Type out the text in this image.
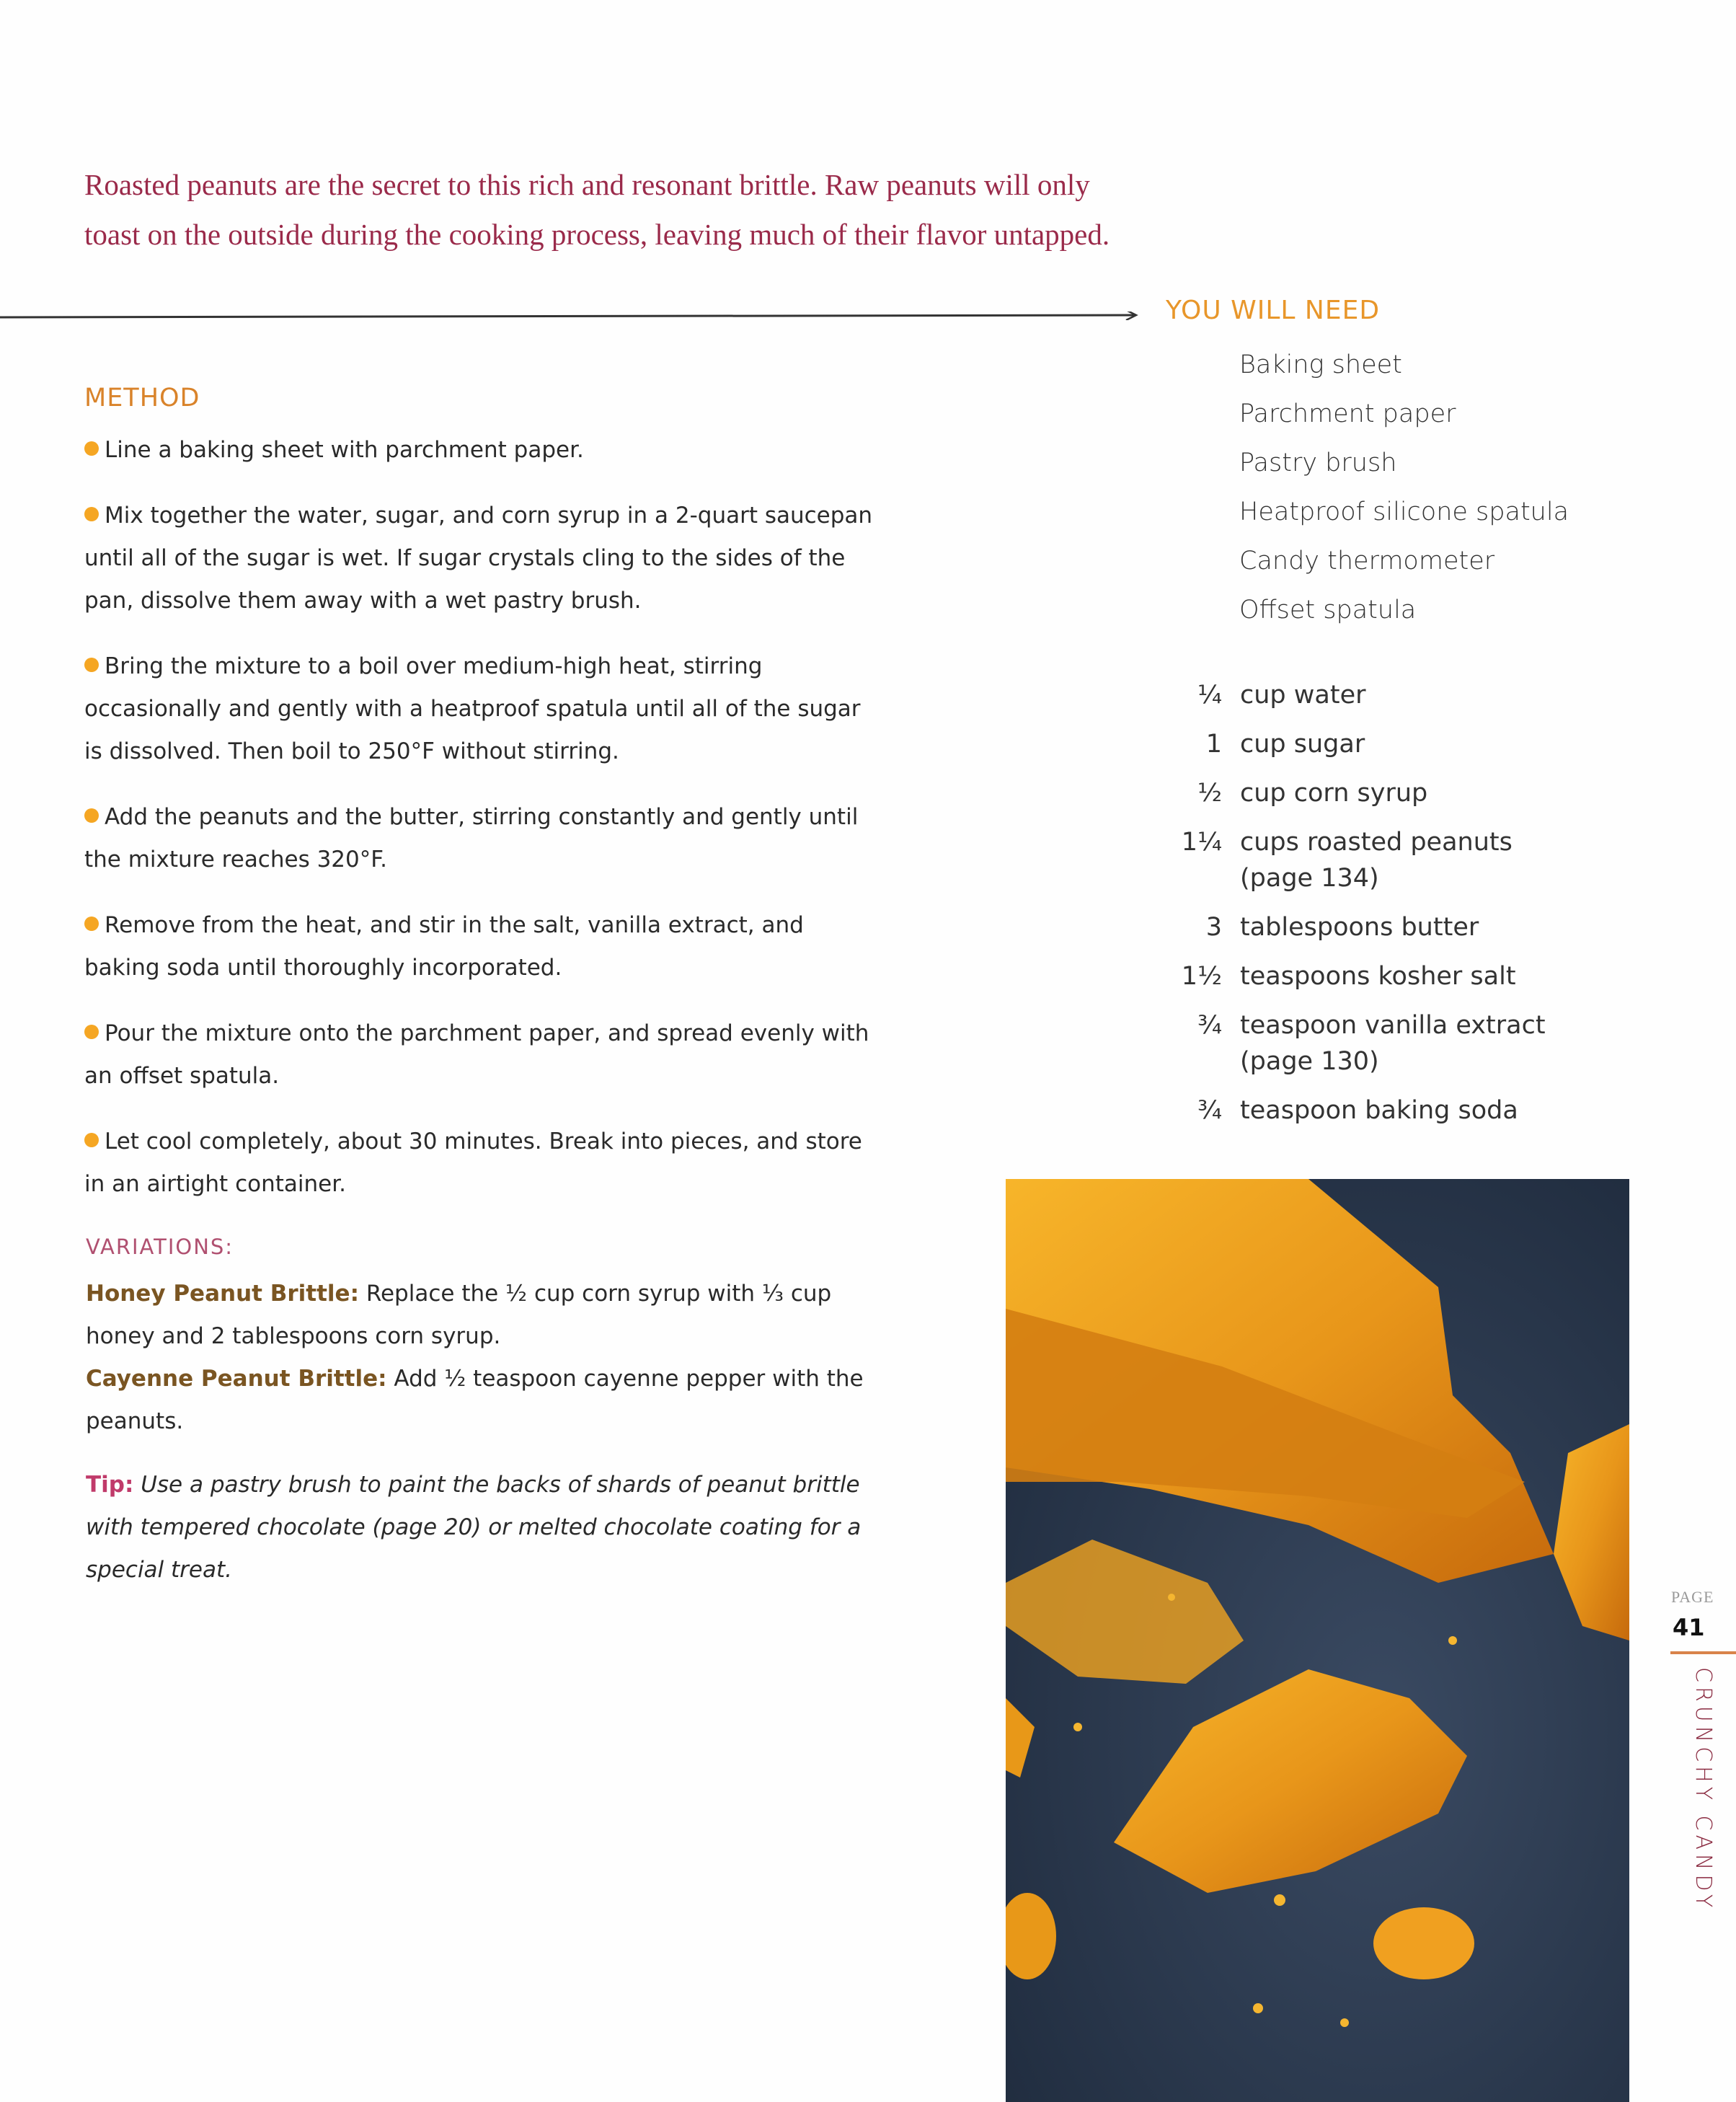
Roasted peanuts are the secret to this rich and resonant brittle. Raw peanuts will only toast on the outside during the cooking process, leaving much of their flavor untapped.
YOU WILL NEED
Baking sheet
Parchment paper
Pastry brush
Heatproof silicone spatula
Candy thermometer
Offset spatula
¼ cup water
1 cup sugar
½ cup corn syrup
1¼ cups roasted peanuts (page 134)
3 tablespoons butter
1½ teaspoons kosher salt
¾ teaspoon vanilla extract (page 130)
¾ teaspoon baking soda
METHOD

Line a baking sheet with parchment paper.

Mix together the water, sugar, and corn syrup in a 2-quart saucepan until all of the sugar is wet. If sugar crystals cling to the sides of the pan, dissolve them away with a wet pastry brush.

Bring the mixture to a boil over medium-high heat, stirring occasionally and gently with a heatproof spatula until all of the sugar is dissolved. Then boil to 250°F without stirring.

Add the peanuts and the butter, stirring constantly and gently until the mixture reaches 320°F.

Remove from the heat, and stir in the salt, vanilla extract, and baking soda until thoroughly incorporated.

Pour the mixture onto the parchment paper, and spread evenly with an offset spatula.

Let cool completely, about 30 minutes. Break into pieces, and store in an airtight container.

VARIATIONS:
Honey Peanut Brittle: Replace the ½ cup corn syrup with ⅓ cup honey and 2 tablespoons corn syrup.
Cayenne Peanut Brittle: Add ½ teaspoon cayenne pepper with the peanuts.
Tip: Use a pastry brush to paint the backs of shards of peanut brittle with tempered chocolate (page 20) or melted chocolate coating for a special treat.
PAGE
41
CRUNCHY CANDY
